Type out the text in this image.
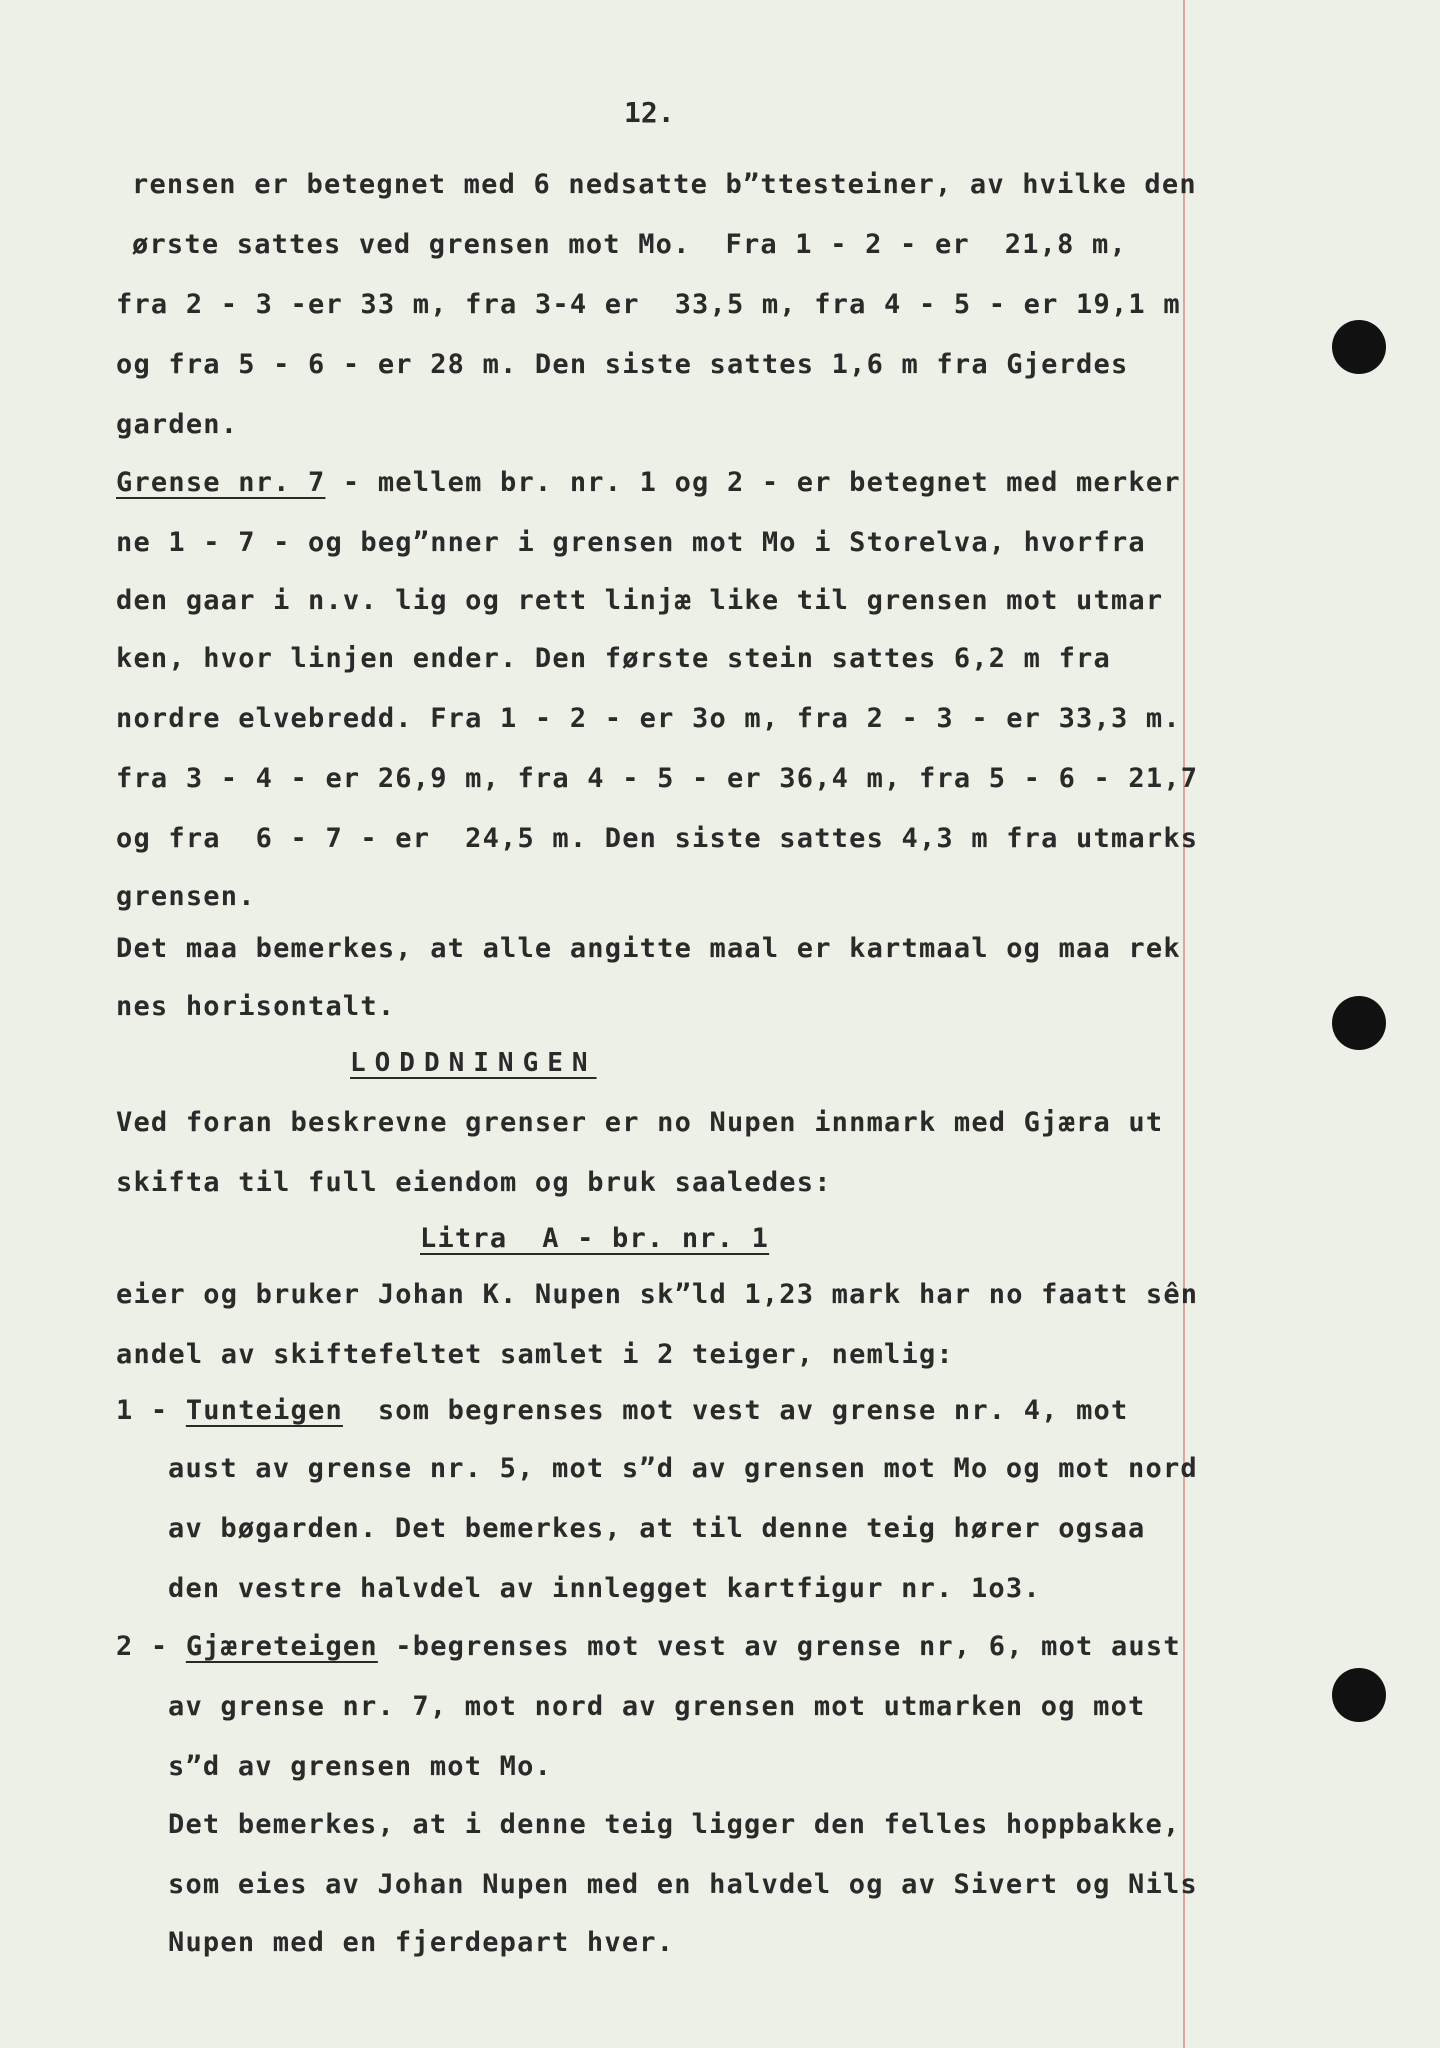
12.
rensen er betegnet med 6 nedsatte b”ttesteiner, av hvilke den
ørste sattes ved grensen mot Mo.  Fra 1 - 2 - er  21,8 m,
fra 2 - 3 -er 33 m, fra 3-4 er  33,5 m, fra 4 - 5 - er 19,1 m
og fra 5 - 6 - er 28 m. Den siste sattes 1,6 m fra Gjerdes
garden.
Grense nr. 7 - mellem br. nr. 1 og 2 - er betegnet med merker
ne 1 - 7 - og beg”nner i grensen mot Mo i Storelva, hvorfra
den gaar i n.v. lig og rett linjæ like til grensen mot utmar
ken, hvor linjen ender. Den første stein sattes 6,2 m fra
nordre elvebredd. Fra 1 - 2 - er 3o m, fra 2 - 3 - er 33,3 m.
fra 3 - 4 - er 26,9 m, fra 4 - 5 - er 36,4 m, fra 5 - 6 - 21,7
og fra  6 - 7 - er  24,5 m. Den siste sattes 4,3 m fra utmarks
grensen.
Det maa bemerkes, at alle angitte maal er kartmaal og maa rek
nes horisontalt.
LODDNINGEN
Ved foran beskrevne grenser er no Nupen innmark med Gjæra ut
skifta til full eiendom og bruk saaledes:
Litra  A - br. nr. 1
eier og bruker Johan K. Nupen sk”ld 1,23 mark har no faatt sên
andel av skiftefeltet samlet i 2 teiger, nemlig:
1 - Tunteigen  som begrenses mot vest av grense nr. 4, mot
aust av grense nr. 5, mot s”d av grensen mot Mo og mot nord
av bøgarden. Det bemerkes, at til denne teig hører ogsaa
den vestre halvdel av innlegget kartfigur nr. 1o3.
2 - Gjæreteigen -begrenses mot vest av grense nr, 6, mot aust
av grense nr. 7, mot nord av grensen mot utmarken og mot
s”d av grensen mot Mo.
Det bemerkes, at i denne teig ligger den felles hoppbakke,
som eies av Johan Nupen med en halvdel og av Sivert og Nils
Nupen med en fjerdepart hver.
